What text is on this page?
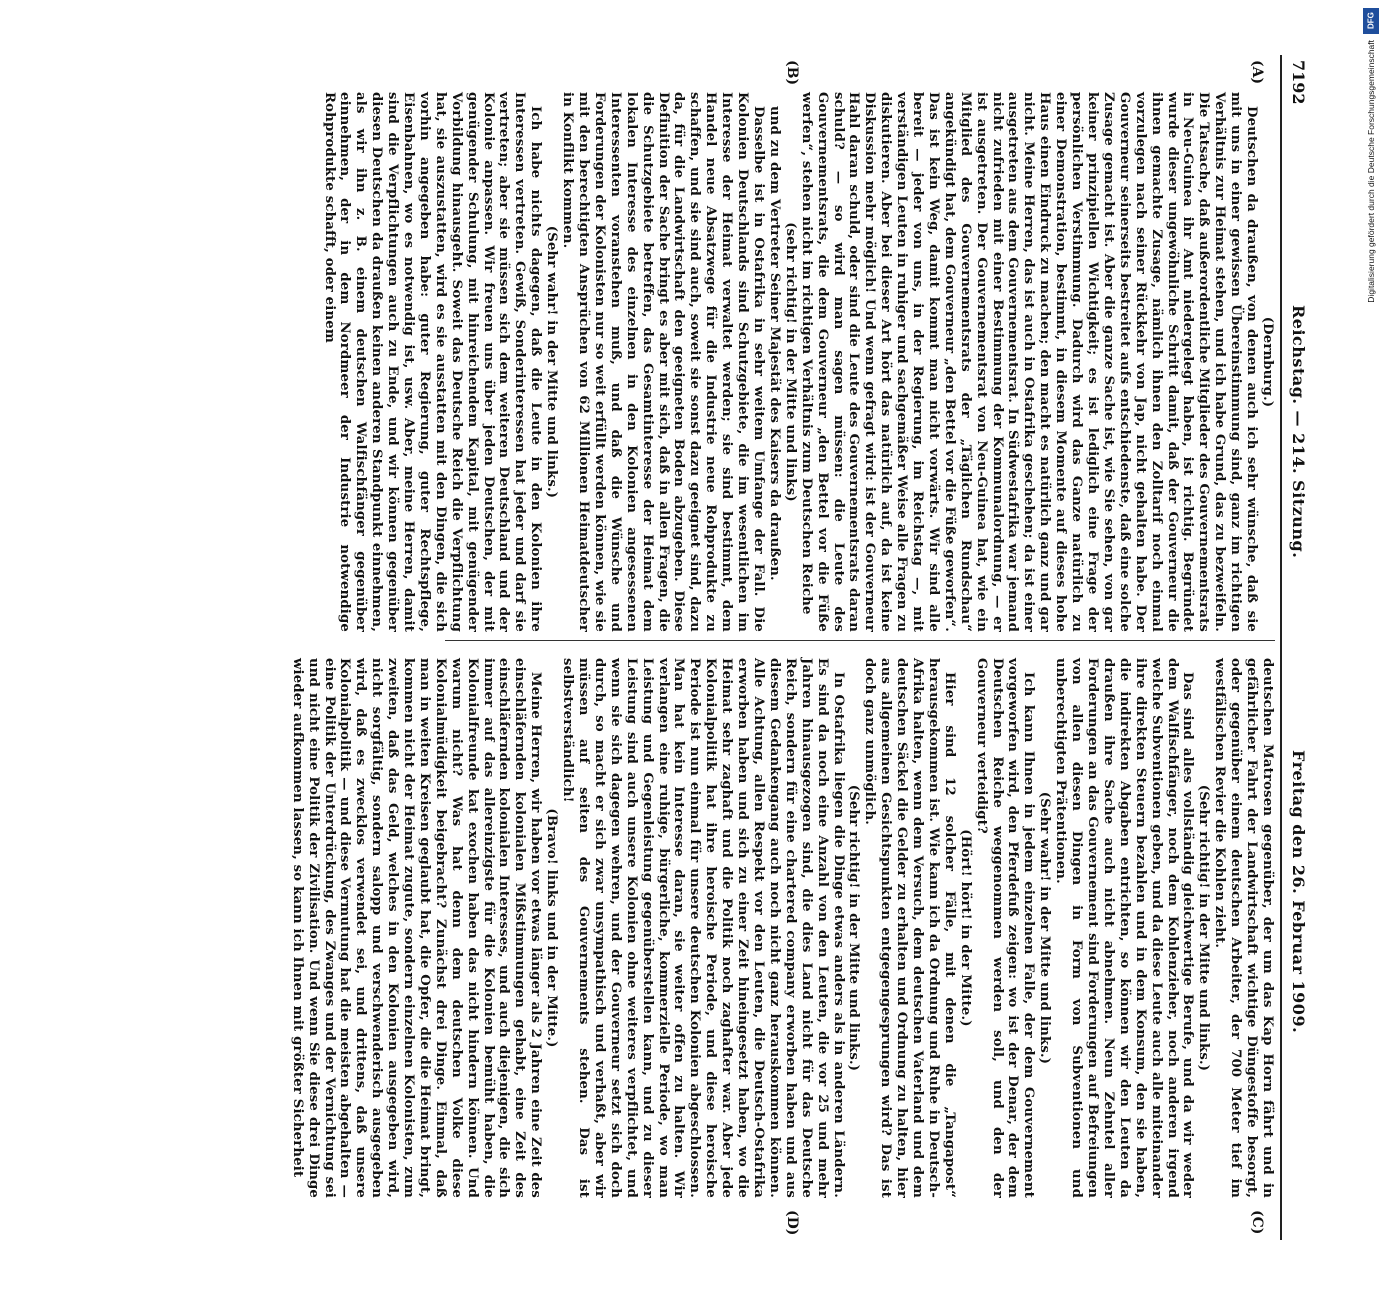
7192
Reichstag. — 214. Sitzung.
Freitag den 26. Februar 1909.
(A)
(B)
(C)
(D)

(Dernburg.)

Deutschen da draußen, von denen auch ich sehr wünsche, daß sie mit uns in einer gewissen Übereinstimmung sind, ganz im richtigen Verhältnis zur Heimat stehen, und ich habe Grund, das zu bezweifeln. Die Tatsache, daß außerordentliche Mitglieder des Gouvernementsrats in Neu-Guinea ihr Amt niedergelegt haben, ist richtig. Begründet wurde dieser ungewöhnliche Schritt damit, daß der Gouverneur die ihnen gemachte Zusage, nämlich ihnen den Zolltarif noch einmal vorzulegen nach seiner Rückkehr von Jap, nicht gehalten habe. Der Gouverneur seinerseits bestreitet aufs entschiedenste, daß eine solche Zusage gemacht ist. Aber die ganze Sache ist, wie Sie sehen, von gar keiner prinzipiellen Wichtigkeit; es ist lediglich eine Frage der persönlichen Verstimmung. Dadurch wird das Ganze natürlich zu einer Demonstration, bestimmt, in diesem Momente auf dieses hohe Haus einen Eindruck zu machen; den macht es natürlich ganz und gar nicht. Meine Herren, das ist auch in Ostafrika geschehen; da ist einer ausgetreten aus dem Gouvernementsrat. In Südwestafrika war jemand nicht zufrieden mit einer Bestimmung der Kommunalordnung, — er ist ausgetreten. Der Gouvernementsrat von Neu-Guinea hat, wie ein Mitglied des Gouvernementsrats der „Täglichen Rundschau“ angekündigt hat, dem Gouverneur „den Bettel vor die Füße geworfen“. Das ist kein Weg, damit kommt man nicht vorwärts. Wir sind alle bereit — jeder von uns, in der Regierung, im Reichstag —, mit verständigen Leuten in ruhiger und sachgemäßer Weise alle Fragen zu diskutieren. Aber bei dieser Art hört das natürlich auf, da ist keine Diskussion mehr möglich! Und wenn gefragt wird: ist der Gouverneur Hahl daran schuld, oder sind die Leute des Gouvernementsrats daran schuld? — so wird man sagen müssen: die Leute des Gouvernementsrats, die dem Gouverneur „den Bettel vor die Füße werfen“, stehen nicht im richtigen Verhältnis zum Deutschen Reiche

(sehr richtig! in der Mitte und links)

und zu dem Vertreter Seiner Majestät des Kaisers da draußen.

Dasselbe ist in Ostafrika in sehr weitem Umfange der Fall. Die Kolonien Deutschlands sind Schutzgebiete, die im wesentlichen im Interesse der Heimat verwaltet werden; sie sind bestimmt, dem Handel neue Absatzwege für die Industrie neue Rohprodukte zu schaffen, und sie sind auch, soweit sie sonst dazu geeignet sind, dazu da, für die Landwirtschaft den geeigneten Boden abzugeben. Diese Definition der Sache bringt es aber mit sich, daß in allen Fragen, die die Schutzgebiete betreffen, das Gesamtinteresse der Heimat dem lokalen Interesse des einzelnen in den Kolonien angesessenen Interessenten voranstehen muß, und daß die Wünsche und Forderungen der Kolonisten nur so weit erfüllt werden können, wie sie mit den berechtigten Ansprüchen von 62 Millionen Heimatdeutscher in Konflikt kommen.

(Sehr wahr! in der Mitte und links.)

Ich habe nichts dagegen, daß die Leute in den Kolonien ihre Interessen vertreten. Gewiß, Sonderinteressen hat jeder und darf sie vertreten; aber sie müssen sich dem weiteren Deutschland und der Kolonie anpassen. Wir freuen uns über jeden Deutschen, der mit genügender Schulung, mit hinreichendem Kapital, mit genügender Vorbildung hinausgeht. Soweit das Deutsche Reich die Verpflichtung hat, sie auszustatten, wird es sie ausstatten mit den Dingen, die sich vorhin angegeben habe: guter Regierung, guter Rechtspflege, Eisenbahnen, wo es notwendig ist, usw. Aber, meine Herren, damit sind die Verpflichtungen auch zu Ende, und wir können gegenüber diesen Deutschen da draußen keinen anderen Standpunkt einnehmen, als wir ihn z. B. einem deutschen Walfischfänger gegenüber einnehmen, der in dem Nordmeer der Industrie notwendige Rohprodukte schafft, oder einem

deutschen Matrosen gegenüber, der um das Kap Horn fährt und in gefährlicher Fahrt der Landwirtschaft wichtige Düngestoffe besorgt, oder gegenüber einem deutschen Arbeiter, der 700 Meter tief im westfälischen Revier die Kohlen zieht.

(Sehr richtig! in der Mitte und links.)

Das sind alles vollständig gleichwertige Berufe, und da wir weder dem Walfischfänger, noch dem Kohlenzieher, noch anderen irgend welche Subventionen geben, und da diese Leute auch alle miteinander ihre direkten Steuern bezahlen und in dem Konsum, den sie haben, die indirekten Abgaben entrichten, so können wir den Leuten da draußen ihre Sache auch nicht abnehmen. Neun Zehntel aller Forderungen an das Gouvernement sind Forderungen auf Befreiungen von allen diesen Dingen in Form von Subventionen und unberechtigten Prätentionen.

(Sehr wahr! in der Mitte und links.)

Ich kann Ihnen in jedem einzelnen Falle, der dem Gouvernement vorgeworfen wird, den Pferdefuß zeigen: wo ist der Denar, der dem Deutschen Reiche weggenommen werden soll, und den der Gouverneur verteidigt?

(Hört! hört! in der Mitte.)

Hier sind 12 solcher Fälle, mit denen die „Tangapost“ herausgekommen ist. Wie kann ich da Ordnung und Ruhe in Deutsch-Afrika halten, wenn dem Versuch, dem deutschen Vaterland und dem deutschen Säckel die Gelder zu erhalten und Ordnung zu halten, hier aus allgemeinen Gesichtspunkten entgegengesprungen wird? Das ist doch ganz unmöglich.

(Sehr richtig! in der Mitte und links.)

In Ostafrika liegen die Dinge etwas anders als in anderen Ländern. Es sind da noch eine Anzahl von den Leuten, die vor 25 und mehr Jahren hinausgezogen sind, die dies Land nicht für das Deutsche Reich, sondern für eine chartered company erworben haben und aus diesem Gedankengang auch noch nicht ganz herauskommen können. Alle Achtung, allen Respekt vor den Leuten, die Deutsch-Ostafrika erworben haben und sich zu einer Zeit hineingesetzt haben, wo die Heimat sehr zaghaft und die Politik noch zaghafter war. Aber jede Kolonialpolitik hat ihre heroische Periode, und diese heroische Periode ist nun einmal für unsere deutschen Kolonien abgeschlossen. Man hat kein Interesse daran, sie weiter offen zu halten. Wir verlangen eine ruhige, bürgerliche, kommerzielle Periode, wo man Leistung und Gegenleistung gegenüberstellen kann, und zu dieser Leistung sind auch unsere Kolonien ohne weiteres verpflichtet, und wenn sie sich dagegen wehren, und der Gouverneur setzt sich doch durch, so macht er sich zwar unsympathisch und verhaßt, aber wir müssen auf seiten des Gouvernements stehen. Das ist selbstverständlich!

(Bravo! links und in der Mitte.)

Meine Herren, wir haben vor etwas länger als 2 Jahren eine Zeit des einschläfernden kolonialen Mißstimmungen gehabt, eine Zeit des einschläfernden kolonialen Interesses, und auch diejenigen, die sich immer auf das allereinzigste für die Kolonien bemüht haben, die Kolonialfreunde kat exochen haben das nicht hindern können. Und warum nicht? Was hat denn dem deutschen Volke diese Kolonialmüdigkeit beigebracht? Zunächst drei Dinge. Einmal, daß man in weiten Kreisen geglaubt hat, die Opfer, die die Heimat bringt, kommen nicht der Heimat zugute, sondern einzelnen Kolonisten, zum zweiten, daß das Geld, welches in den Kolonien ausgegeben wird, nicht sorgfältig, sondern salopp und verschwenderisch ausgegeben wird, daß es zwecklos verwendet sei, und drittens, daß unsere Kolonialpolitik — und diese Vermutung hat die meisten abgehalten — eine Politik der Unterdrückung, des Zwanges und der Vernichtung sei und nicht eine Politik der Zivilisation. Und wenn Sie diese drei Dinge wieder aufkommen lassen, so kann ich Ihnen mit größter Sicherheit

DFG
Digitalisierung gefördert durch die Deutsche Forschungsgemeinschaft
